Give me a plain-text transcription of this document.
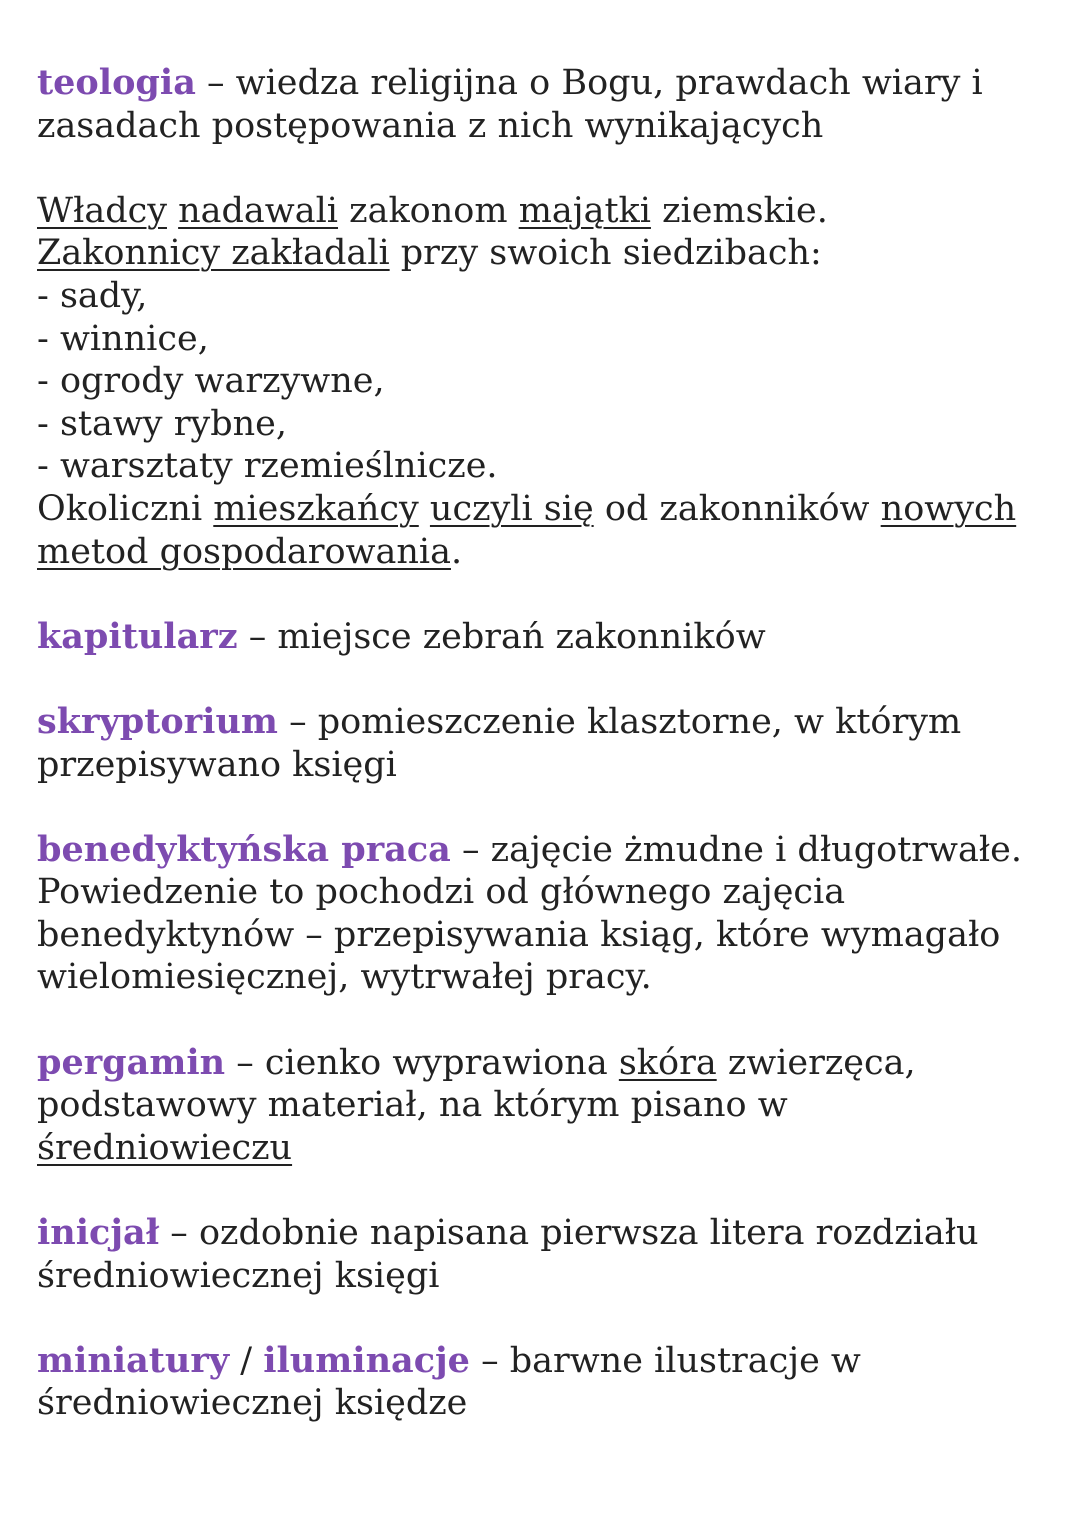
teologia – wiedza religijna o Bogu, prawdach wiary i
zasadach postępowania z nich wynikających
Władcy nadawali zakonom majątki ziemskie.
Zakonnicy zakładali przy swoich siedzibach:
- sady,
- winnice,
- ogrody warzywne,
- stawy rybne,
- warsztaty rzemieślnicze.
Okoliczni mieszkańcy uczyli się od zakonników nowych
metod gospodarowania.
kapitularz – miejsce zebrań zakonników
skryptorium – pomieszczenie klasztorne, w którym
przepisywano księgi
benedyktyńska praca – zajęcie żmudne i długotrwałe.
Powiedzenie to pochodzi od głównego zajęcia
benedyktynów – przepisywania ksiąg, które wymagało
wielomiesięcznej, wytrwałej pracy.
pergamin – cienko wyprawiona skóra zwierzęca,
podstawowy materiał, na którym pisano w
średniowieczu
inicjał – ozdobnie napisana pierwsza litera rozdziału
średniowiecznej księgi
miniatury / iluminacje – barwne ilustracje w
średniowiecznej księdze
